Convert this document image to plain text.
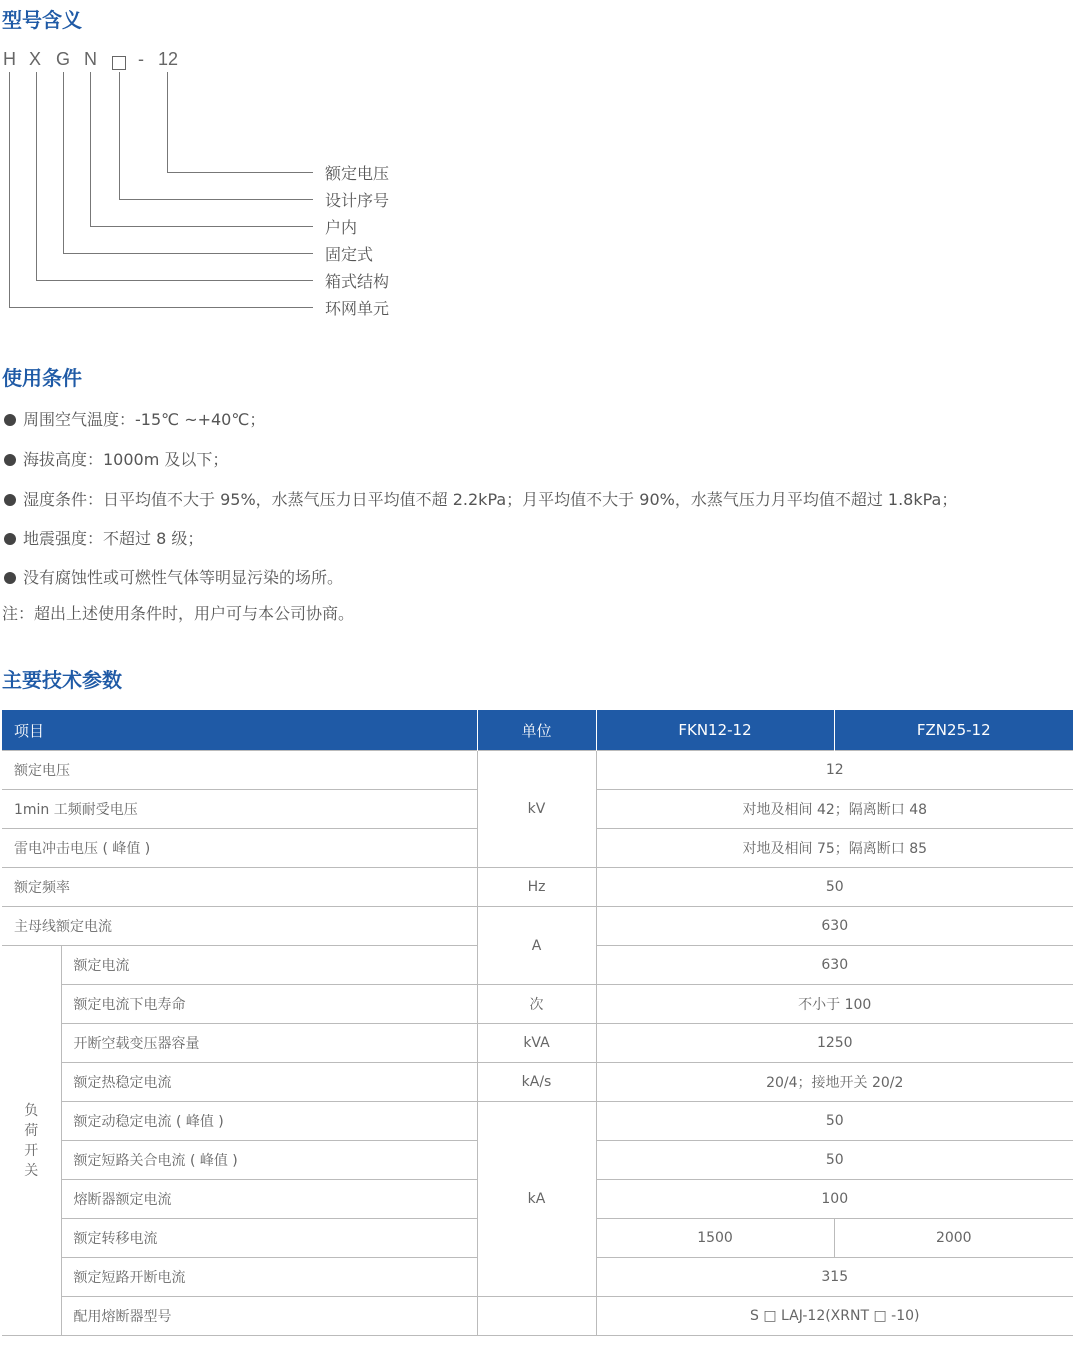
型号含义
H X G N - 12
额定电压
设计序号
户内
固定式
箱式结构
环网单元
使用条件
周围空气温度：-15℃ ~+40℃；
海拔高度：1000m 及以下；
湿度条件：日平均值不大于 95%，水蒸气压力日平均值不超 2.2kPa；月平均值不大于 90%，水蒸气压力月平均值不超过 1.8kPa；
地震强度：不超过 8 级；
没有腐蚀性或可燃性气体等明显污染的场所。
注：超出上述使用条件时，用户可与本公司协商。
主要技术参数
项目		单位	FKN12-12	FZN25-12
额定电压		kV	12	
1min 工频耐受电压			对地及相间 42；隔离断口 48	
雷电冲击电压 ( 峰值 )			对地及相间 75；隔离断口 85	
额定频率		Hz	50	
主母线额定电流		A	630	

负
荷
开
关	额定电流		630	
	额定电流下电寿命	次	不小于 100	
	开断空载变压器容量	kVA	1250	
	额定热稳定电流	kA/s	20/4；接地开关 20/2	
	额定动稳定电流 ( 峰值 )	kA	50	
	额定短路关合电流 ( 峰值 )		50	
	熔断器额定电流		100	
	额定转移电流		1500	2000
	额定短路开断电流		315	
	配用熔断器型号		S □ LAJ-12(XRNT □ -10)	
